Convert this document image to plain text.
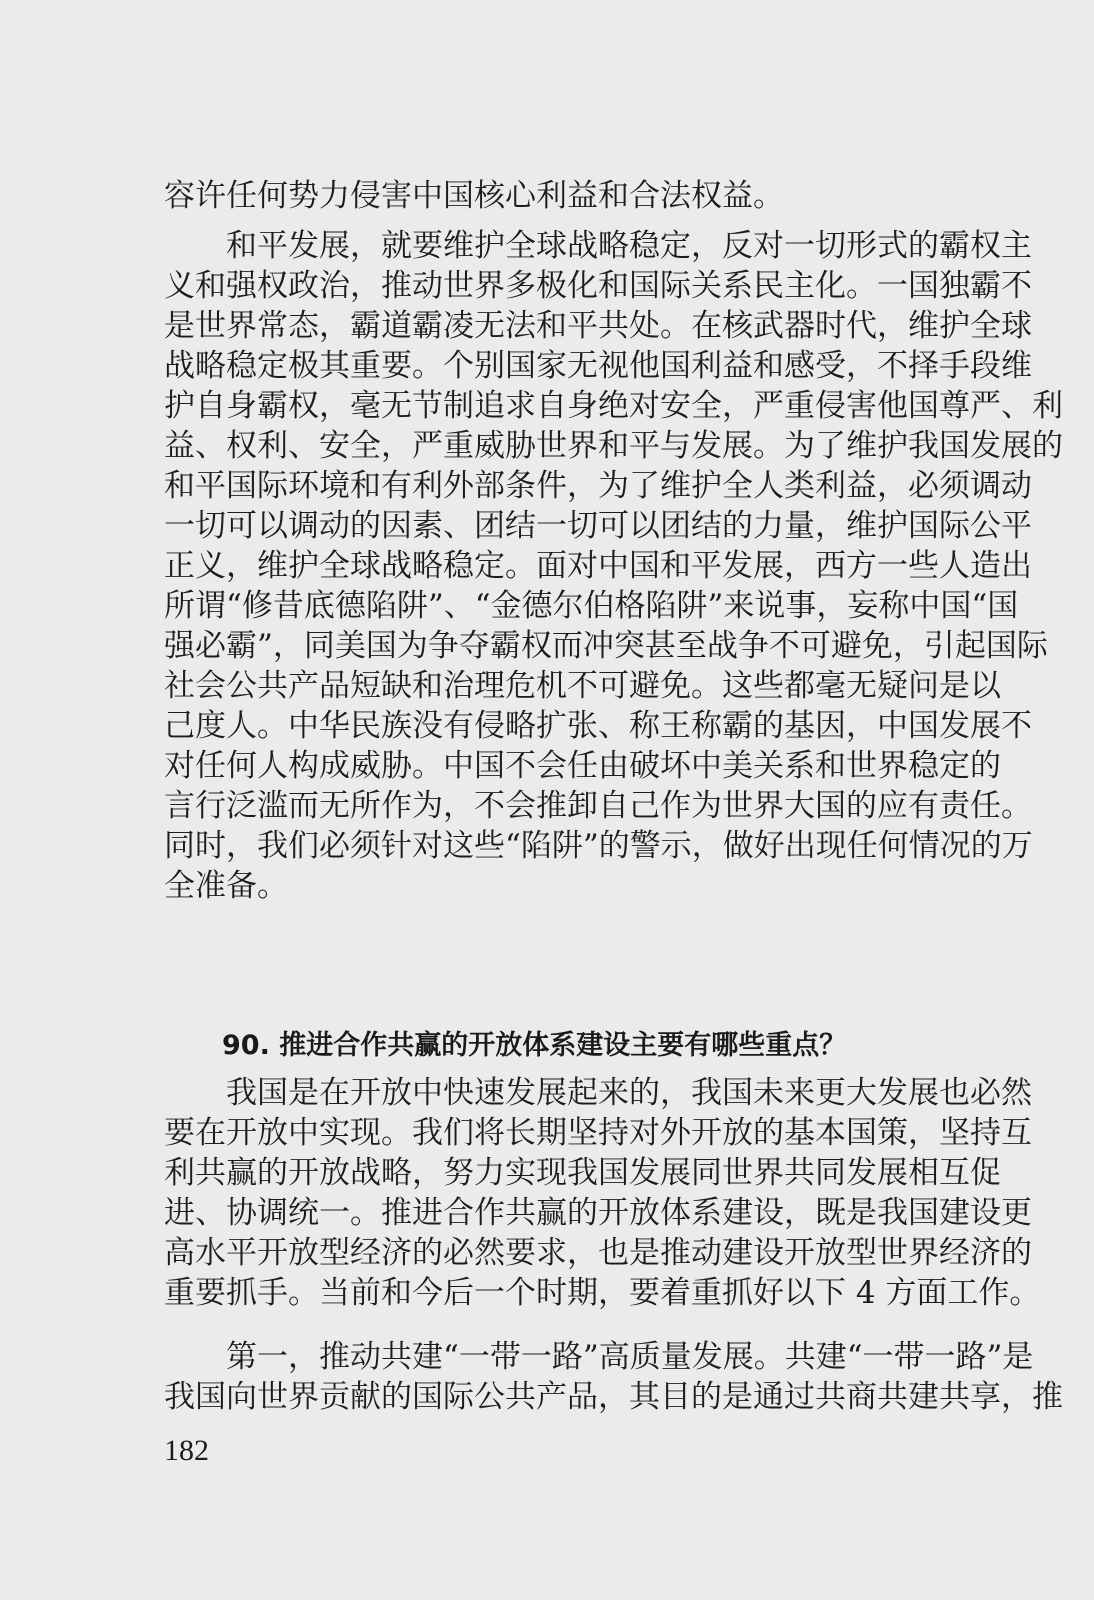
容许任何势力侵害中国核心利益和合法权益。
和平发展，就要维护全球战略稳定，反对一切形式的霸权主
义和强权政治，推动世界多极化和国际关系民主化。一国独霸不
是世界常态，霸道霸凌无法和平共处。在核武器时代，维护全球
战略稳定极其重要。个别国家无视他国利益和感受，不择手段维
护自身霸权，毫无节制追求自身绝对安全，严重侵害他国尊严、利
益、权利、安全，严重威胁世界和平与发展。为了维护我国发展的
和平国际环境和有利外部条件，为了维护全人类利益，必须调动
一切可以调动的因素、团结一切可以团结的力量，维护国际公平
正义，维护全球战略稳定。面对中国和平发展，西方一些人造出
所谓“修昔底德陷阱”、“金德尔伯格陷阱”来说事，妄称中国“国
强必霸”，同美国为争夺霸权而冲突甚至战争不可避免，引起国际
社会公共产品短缺和治理危机不可避免。这些都毫无疑问是以
己度人。中华民族没有侵略扩张、称王称霸的基因，中国发展不
对任何人构成威胁。中国不会任由破坏中美关系和世界稳定的
言行泛滥而无所作为，不会推卸自己作为世界大国的应有责任。
同时，我们必须针对这些“陷阱”的警示，做好出现任何情况的万
全准备。
90. 推进合作共赢的开放体系建设主要有哪些重点？
我国是在开放中快速发展起来的，我国未来更大发展也必然
要在开放中实现。我们将长期坚持对外开放的基本国策，坚持互
利共赢的开放战略，努力实现我国发展同世界共同发展相互促
进、协调统一。推进合作共赢的开放体系建设，既是我国建设更
高水平开放型经济的必然要求，也是推动建设开放型世界经济的
重要抓手。当前和今后一个时期，要着重抓好以下 4 方面工作。
第一，推动共建“一带一路”高质量发展。共建“一带一路”是
我国向世界贡献的国际公共产品，其目的是通过共商共建共享，推
182
